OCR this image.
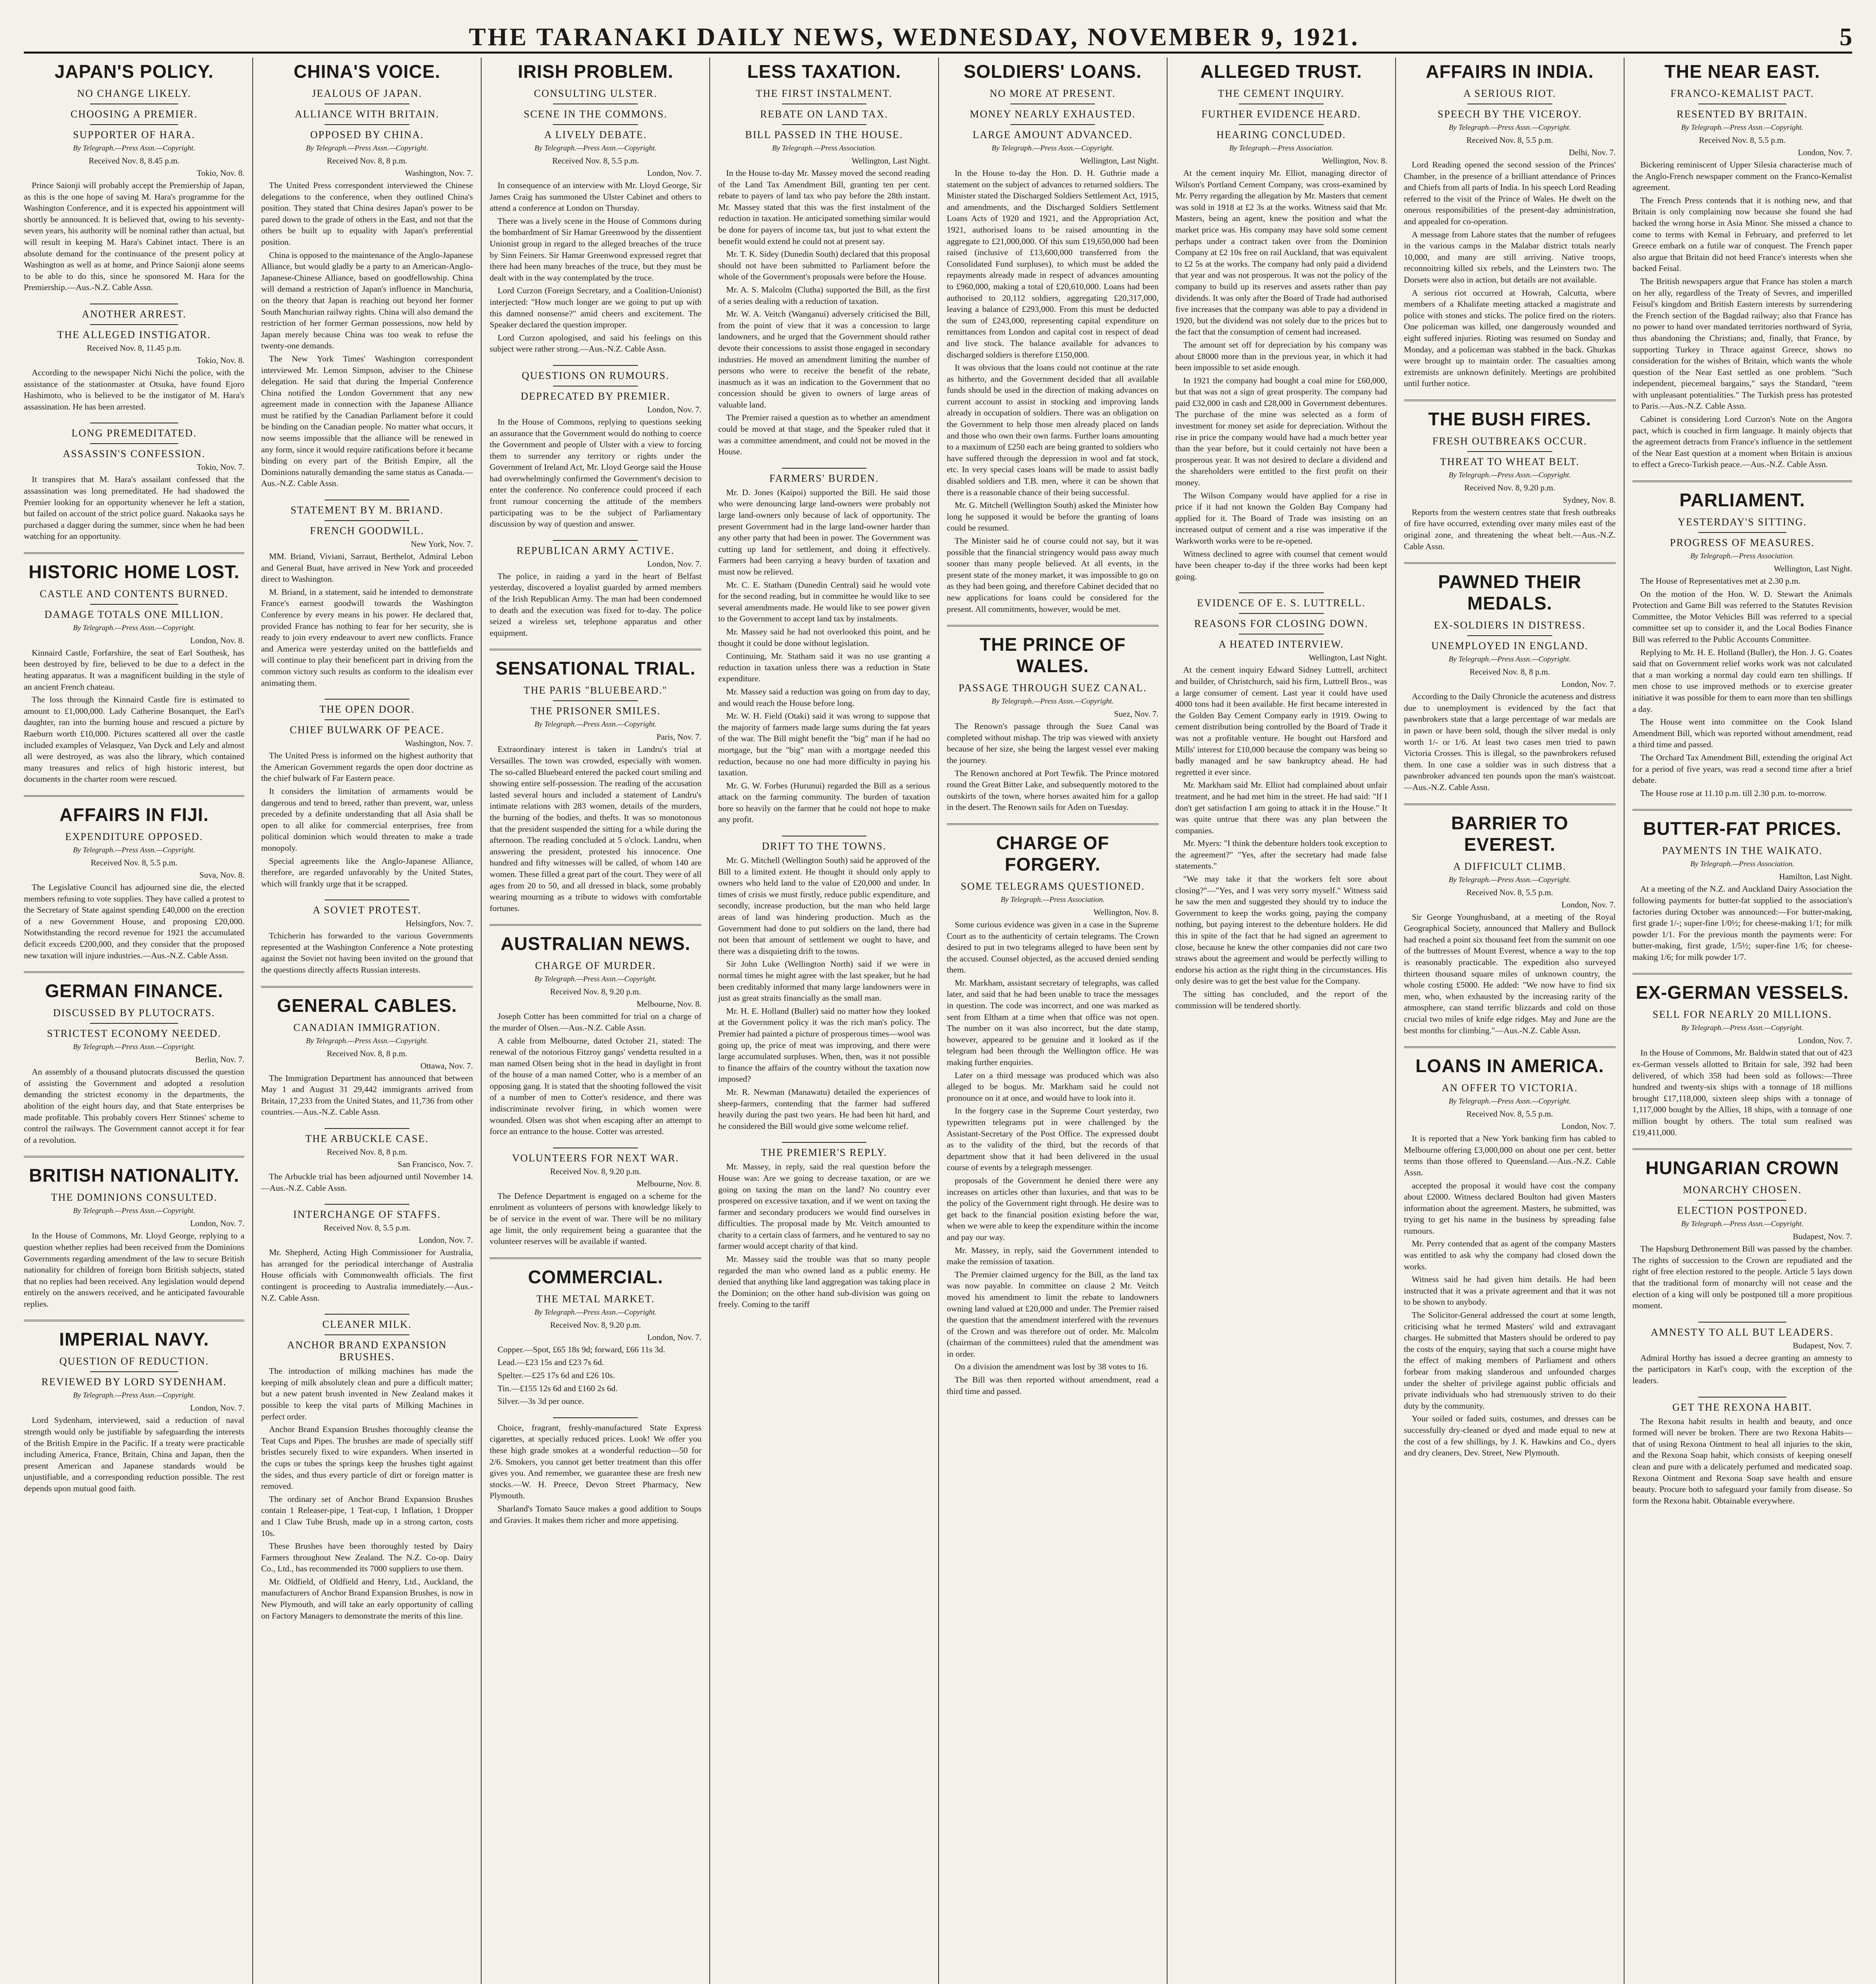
THE TARANAKI DAILY NEWS, WEDNESDAY, NOVEMBER 9, 1921.	5
JAPAN'S POLICY.
NO CHANGE LIKELY.
CHOOSING A PREMIER.
SUPPORTER OF HARA.
By Telegraph.—Press Assn.—Copyright.
Received Nov. 8, 8.45 p.m.
Tokio, Nov. 8.

Prince Saionji will probably accept the Premiership of Japan, as this is the one hope of saving M. Hara's programme for the Washington Conference, and it is expected his appointment will shortly be announced. It is believed that, owing to his seventy-seven years, his authority will be nominal rather than actual, but will result in keeping M. Hara's Cabinet intact. There is an absolute demand for the continuance of the present policy at Washington as well as at home, and Prince Saionji alone seems to be able to do this, since he sponsored M. Hara for the Premiership.—Aus.-N.Z. Cable Assn.

ANOTHER ARREST.
THE ALLEGED INSTIGATOR.
Received Nov. 8, 11.45 p.m.
Tokio, Nov. 8.

According to the newspaper Nichi Nichi the police, with the assistance of the stationmaster at Otsuka, have found Ejoro Hashimoto, who is believed to be the instigator of M. Hara's assassination. He has been arrested.

LONG PREMEDITATED.
ASSASSIN'S CONFESSION.
Tokio, Nov. 7.

It transpires that M. Hara's assailant confessed that the assassination was long premeditated. He had shadowed the Premier looking for an opportunity whenever he left a station, but failed on account of the strict police guard. Nakaoka says he purchased a dagger during the summer, since when he had been watching for an opportunity.

HISTORIC HOME LOST.
CASTLE AND CONTENTS BURNED.
DAMAGE TOTALS ONE MILLION.
By Telegraph.—Press Assn.—Copyright.
London, Nov. 8.

Kinnaird Castle, Forfarshire, the seat of Earl Southesk, has been destroyed by fire, believed to be due to a defect in the heating apparatus. It was a magnificent building in the style of an ancient French chateau.

The loss through the Kinnaird Castle fire is estimated to amount to £1,000,000. Lady Catherine Bosanquet, the Earl's daughter, ran into the burning house and rescued a picture by Raeburn worth £10,000. Pictures scattered all over the castle included examples of Velasquez, Van Dyck and Lely and almost all were destroyed, as was also the library, which contained many treasures and relics of high historic interest, but documents in the charter room were rescued.

AFFAIRS IN FIJI.
EXPENDITURE OPPOSED.
By Telegraph.—Press Assn.—Copyright.
Received Nov. 8, 5.5 p.m.
Suva, Nov. 8.

The Legislative Council has adjourned sine die, the elected members refusing to vote supplies. They have called a protest to the Secretary of State against spending £40,000 on the erection of a new Government House, and proposing £20,000. Notwithstanding the record revenue for 1921 the accumulated deficit exceeds £200,000, and they consider that the proposed new taxation will injure industries.—Aus.-N.Z. Cable Assn.

GERMAN FINANCE.
DISCUSSED BY PLUTOCRATS.
STRICTEST ECONOMY NEEDED.
By Telegraph.—Press Assn.—Copyright.
Berlin, Nov. 7.

An assembly of a thousand plutocrats discussed the question of assisting the Government and adopted a resolution demanding the strictest economy in the departments, the abolition of the eight hours day, and that State enterprises be made profitable. This probably covers Herr Stinnes' scheme to control the railways. The Government cannot accept it for fear of a revolution.

BRITISH NATIONALITY.
THE DOMINIONS CONSULTED.
By Telegraph.—Press Assn.—Copyright.
London, Nov. 7.

In the House of Commons, Mr. Lloyd George, replying to a question whether replies had been received from the Dominions Governments regarding amendment of the law to secure British nationality for children of foreign born British subjects, stated that no replies had been received. Any legislation would depend entirely on the answers received, and he anticipated favourable replies.

IMPERIAL NAVY.
QUESTION OF REDUCTION.
REVIEWED BY LORD SYDENHAM.
By Telegraph.—Press Assn.—Copyright.
London, Nov. 7.

Lord Sydenham, interviewed, said a reduction of naval strength would only be justifiable by safeguarding the interests of the British Empire in the Pacific. If a treaty were practicable including America, France, Britain, China and Japan, then the present American and Japanese standards would be unjustifiable, and a corresponding reduction possible. The rest depends upon mutual good faith.

CHINA'S VOICE.
JEALOUS OF JAPAN.
ALLIANCE WITH BRITAIN.
OPPOSED BY CHINA.
By Telegraph.—Press Assn.—Copyright.
Received Nov. 8, 8 p.m.
Washington, Nov. 7.

The United Press correspondent interviewed the Chinese delegations to the conference, when they outlined China's position. They stated that China desires Japan's power to be pared down to the grade of others in the East, and not that the others be built up to equality with Japan's preferential position.

China is opposed to the maintenance of the Anglo-Japanese Alliance, but would gladly be a party to an American-Anglo-Japanese-Chinese Alliance, based on goodfellowship. China will demand a restriction of Japan's influence in Manchuria, on the theory that Japan is reaching out beyond her former South Manchurian railway rights. China will also demand the restriction of her former German possessions, now held by Japan merely because China was too weak to refuse the twenty-one demands.

The New York Times' Washington correspondent interviewed Mr. Lemon Simpson, adviser to the Chinese delegation. He said that during the Imperial Conference China notified the London Government that any new agreement made in connection with the Japanese Alliance must be ratified by the Canadian Parliament before it could be binding on the Canadian people. No matter what occurs, it now seems impossible that the alliance will be renewed in any form, since it would require ratifications before it became binding on every part of the British Empire, all the Dominions naturally demanding the same status as Canada.—Aus.-N.Z. Cable Assn.

STATEMENT BY M. BRIAND.
FRENCH GOODWILL.
New York, Nov. 7.

MM. Briand, Viviani, Sarraut, Berthelot, Admiral Lebon and General Buat, have arrived in New York and proceeded direct to Washington.

M. Briand, in a statement, said he intended to demonstrate France's earnest goodwill towards the Washington Conference by every means in his power. He declared that, provided France has nothing to fear for her security, she is ready to join every endeavour to avert new conflicts. France and America were yesterday united on the battlefields and will continue to play their beneficent part in driving from the common victory such results as conform to the idealism ever animating them.

THE OPEN DOOR.
CHIEF BULWARK OF PEACE.
Washington, Nov. 7.

The United Press is informed on the highest authority that the American Government regards the open door doctrine as the chief bulwark of Far Eastern peace.

It considers the limitation of armaments would be dangerous and tend to breed, rather than prevent, war, unless preceded by a definite understanding that all Asia shall be open to all alike for commercial enterprises, free from political dominion which would threaten to make a trade monopoly.

Special agreements like the Anglo-Japanese Alliance, therefore, are regarded unfavorably by the United States, which will frankly urge that it be scrapped.

A SOVIET PROTEST.
Helsingfors, Nov. 7.

Tchicherin has forwarded to the various Governments represented at the Washington Conference a Note protesting against the Soviet not having been invited on the ground that the questions directly affects Russian interests.

GENERAL CABLES.
CANADIAN IMMIGRATION.
By Telegraph.—Press Assn.—Copyright.
Received Nov. 8, 8 p.m.
Ottawa, Nov. 7.

The Immigration Department has announced that between May 1 and August 31 29,442 immigrants arrived from Britain, 17,233 from the United States, and 11,736 from other countries.—Aus.-N.Z. Cable Assn.

THE ARBUCKLE CASE.
Received Nov. 8, 8 p.m.
San Francisco, Nov. 7.

The Arbuckle trial has been adjourned until November 14.—Aus.-N.Z. Cable Assn.

INTERCHANGE OF STAFFS.
Received Nov. 8, 5.5 p.m.
London, Nov. 7.

Mr. Shepherd, Acting High Commissioner for Australia, has arranged for the periodical interchange of Australia House officials with Commonwealth officials. The first contingent is proceeding to Australia immediately.—Aus.-N.Z. Cable Assn.

CLEANER MILK.
ANCHOR BRAND EXPANSION BRUSHES.

The introduction of milking machines has made the keeping of milk absolutely clean and pure a difficult matter; but a new patent brush invented in New Zealand makes it possible to keep the vital parts of Milking Machines in perfect order.

Anchor Brand Expansion Brushes thoroughly cleanse the Teat Cups and Pipes. The brushes are made of specially stiff bristles securely fixed to wire expanders. When inserted in the cups or tubes the springs keep the brushes tight against the sides, and thus every particle of dirt or foreign matter is removed.

The ordinary set of Anchor Brand Expansion Brushes contain 1 Releaser-pipe, 1 Teat-cup, 1 Inflation, 1 Dropper and 1 Claw Tube Brush, made up in a strong carton, costs 10s.

These Brushes have been thoroughly tested by Dairy Farmers throughout New Zealand. The N.Z. Co-op. Dairy Co., Ltd., has recommended its 7000 suppliers to use them.

Mr. Oldfield, of Oldfield and Henry, Ltd., Auckland, the manufacturers of Anchor Brand Expansion Brushes, is now in New Plymouth, and will take an early opportunity of calling on Factory Managers to demonstrate the merits of this line.

IRISH PROBLEM.
CONSULTING ULSTER.
SCENE IN THE COMMONS.
A LIVELY DEBATE.
By Telegraph.—Press Assn.—Copyright.
Received Nov. 8, 5.5 p.m.
London, Nov. 7.

In consequence of an interview with Mr. Lloyd George, Sir James Craig has summoned the Ulster Cabinet and others to attend a conference at London on Thursday.

There was a lively scene in the House of Commons during the bombardment of Sir Hamar Greenwood by the dissentient Unionist group in regard to the alleged breaches of the truce by Sinn Feiners. Sir Hamar Greenwood expressed regret that there had been many breaches of the truce, but they must be dealt with in the way contemplated by the truce.

Lord Curzon (Foreign Secretary, and a Coalition-Unionist) interjected: "How much longer are we going to put up with this damned nonsense?" amid cheers and excitement. The Speaker declared the question improper.

Lord Curzon apologised, and said his feelings on this subject were rather strong.—Aus.-N.Z. Cable Assn.

QUESTIONS ON RUMOURS.
DEPRECATED BY PREMIER.
London, Nov. 7.

In the House of Commons, replying to questions seeking an assurance that the Government would do nothing to coerce the Government and people of Ulster with a view to forcing them to surrender any territory or rights under the Government of Ireland Act, Mr. Lloyd George said the House had overwhelmingly confirmed the Government's decision to enter the conference. No conference could proceed if each front rumour concerning the attitude of the members participating was to be the subject of Parliamentary discussion by way of question and answer.

REPUBLICAN ARMY ACTIVE.
London, Nov. 7.

The police, in raiding a yard in the heart of Belfast yesterday, discovered a loyalist guarded by armed members of the Irish Republican Army. The man had been condemned to death and the execution was fixed for to-day. The police seized a wireless set, telephone apparatus and other equipment.

SENSATIONAL TRIAL.
THE PARIS "BLUEBEARD."
THE PRISONER SMILES.
By Telegraph.—Press Assn.—Copyright.
Paris, Nov. 7.

Extraordinary interest is taken in Landru's trial at Versailles. The town was crowded, especially with women. The so-called Bluebeard entered the packed court smiling and showing entire self-possession. The reading of the accusation lasted several hours and included a statement of Landru's intimate relations with 283 women, details of the murders, the burning of the bodies, and thefts. It was so monotonous that the president suspended the sitting for a while during the afternoon. The reading concluded at 5 o'clock. Landru, when answering the president, protested his innocence. One hundred and fifty witnesses will be called, of whom 140 are women. These filled a great part of the court. They were of all ages from 20 to 50, and all dressed in black, some probably wearing mourning as a tribute to widows with comfortable fortunes.

AUSTRALIAN NEWS.
CHARGE OF MURDER.
By Telegraph.—Press Assn.—Copyright.
Received Nov. 8, 9.20 p.m.
Melbourne, Nov. 8.

Joseph Cotter has been committed for trial on a charge of the murder of Olsen.—Aus.-N.Z. Cable Assn.

A cable from Melbourne, dated October 21, stated: The renewal of the notorious Fitzroy gangs' vendetta resulted in a man named Olsen being shot in the head in daylight in front of the house of a man named Cotter, who is a member of an opposing gang. It is stated that the shooting followed the visit of a number of men to Cotter's residence, and there was indiscriminate revolver firing, in which women were wounded. Olsen was shot when escaping after an attempt to force an entrance to the house. Cotter was arrested.

VOLUNTEERS FOR NEXT WAR.
Received Nov. 8, 9.20 p.m.
Melbourne, Nov. 8.

The Defence Department is engaged on a scheme for the enrolment as volunteers of persons with knowledge likely to be of service in the event of war. There will be no military age limit, the only requirement being a guarantee that the volunteer reserves will be available if wanted.

COMMERCIAL.
THE METAL MARKET.
By Telegraph.—Press Assn.—Copyright.
Received Nov. 8, 9.20 p.m.
London, Nov. 7.

Copper.—Spot, £65 18s 9d; forward, £66 11s 3d.

Lead.—£23 15s and £23 7s 6d.

Spelter.—£25 17s 6d and £26 10s.

Tin.—£155 12s 6d and £160 2s 6d.

Silver.—3s 3d per ounce.

Choice, fragrant, freshly-manufactured State Express cigarettes, at specially reduced prices. Look! We offer you these high grade smokes at a wonderful reduction—50 for 2/6. Smokers, you cannot get better treatment than this offer gives you. And remember, we guarantee these are fresh new stocks.—W. H. Preece, Devon Street Pharmacy, New Plymouth.

Sharland's Tomato Sauce makes a good addition to Soups and Gravies. It makes them richer and more appetising.

LESS TAXATION.
THE FIRST INSTALMENT.
REBATE ON LAND TAX.
BILL PASSED IN THE HOUSE.
By Telegraph.—Press Association.
Wellington, Last Night.

In the House to-day Mr. Massey moved the second reading of the Land Tax Amendment Bill, granting ten per cent. rebate to payers of land tax who pay before the 28th instant. Mr. Massey stated that this was the first instalment of the reduction in taxation. He anticipated something similar would be done for payers of income tax, but just to what extent the benefit would extend he could not at present say.

Mr. T. K. Sidey (Dunedin South) declared that this proposal should not have been submitted to Parliament before the whole of the Government's proposals were before the House.

Mr. A. S. Malcolm (Clutha) supported the Bill, as the first of a series dealing with a reduction of taxation.

Mr. W. A. Veitch (Wanganui) adversely criticised the Bill, from the point of view that it was a concession to large landowners, and he urged that the Government should rather devote their concessions to assist those engaged in secondary industries. He moved an amendment limiting the number of persons who were to receive the benefit of the rebate, inasmuch as it was an indication to the Government that no concession should be given to owners of large areas of valuable land.

The Premier raised a question as to whether an amendment could be moved at that stage, and the Speaker ruled that it was a committee amendment, and could not be moved in the House.

FARMERS' BURDEN.

Mr. D. Jones (Kaipoi) supported the Bill. He said those who were denouncing large land-owners were probably not large land-owners only because of lack of opportunity. The present Government had in the large land-owner harder than any other party that had been in power. The Government was cutting up land for settlement, and doing it effectively. Farmers had been carrying a heavy burden of taxation and must now be relieved.

Mr. C. E. Statham (Dunedin Central) said he would vote for the second reading, but in committee he would like to see several amendments made. He would like to see power given to the Government to accept land tax by instalments.

Mr. Massey said he had not overlooked this point, and he thought it could be done without legislation.

Continuing, Mr. Statham said it was no use granting a reduction in taxation unless there was a reduction in State expenditure.

Mr. Massey said a reduction was going on from day to day, and would reach the House before long.

Mr. W. H. Field (Otaki) said it was wrong to suppose that the majority of farmers made large sums during the fat years of the war. The Bill might benefit the "big" man if he had no mortgage, but the "big" man with a mortgage needed this reduction, because no one had more difficulty in paying his taxation.

Mr. G. W. Forbes (Hurunui) regarded the Bill as a serious attack on the farming community. The burden of taxation bore so heavily on the farmer that he could not hope to make any profit.

DRIFT TO THE TOWNS.

Mr. G. Mitchell (Wellington South) said he approved of the Bill to a limited extent. He thought it should only apply to owners who held land to the value of £20,000 and under. In times of crisis we must firstly, reduce public expenditure, and secondly, increase production, but the man who held large areas of land was hindering production. Much as the Government had done to put soldiers on the land, there had not been that amount of settlement we ought to have, and there was a disquieting drift to the towns.

Sir John Luke (Wellington North) said if we were in normal times he might agree with the last speaker, but he had been creditably informed that many large landowners were in just as great straits financially as the small man.

Mr. H. E. Holland (Buller) said no matter how they looked at the Government policy it was the rich man's policy. The Premier had painted a picture of prosperous times—wool was going up, the price of meat was improving, and there were large accumulated surpluses. When, then, was it not possible to finance the affairs of the country without the taxation now imposed?

Mr. R. Newman (Manawatu) detailed the experiences of sheep-farmers, contending that the farmer had suffered heavily during the past two years. He had been hit hard, and he considered the Bill would give some welcome relief.

THE PREMIER'S REPLY.

Mr. Massey, in reply, said the real question before the House was: Are we going to decrease taxation, or are we going on taxing the man on the land? No country ever prospered on excessive taxation, and if we went on taxing the farmer and secondary producers we would find ourselves in difficulties. The proposal made by Mr. Veitch amounted to charity to a certain class of farmers, and he ventured to say no farmer would accept charity of that kind.

Mr. Massey said the trouble was that so many people regarded the man who owned land as a public enemy. He denied that anything like land aggregation was taking place in the Dominion; on the other hand sub-division was going on freely. Coming to the tariff

SOLDIERS' LOANS.
NO MORE AT PRESENT.
MONEY NEARLY EXHAUSTED.
LARGE AMOUNT ADVANCED.
By Telegraph.—Press Assn.—Copyright.
Wellington, Last Night.

In the House to-day the Hon. D. H. Guthrie made a statement on the subject of advances to returned soldiers. The Minister stated the Discharged Soldiers Settlement Act, 1915, and amendments, and the Discharged Soldiers Settlement Loans Acts of 1920 and 1921, and the Appropriation Act, 1921, authorised loans to be raised amounting in the aggregate to £21,000,000. Of this sum £19,650,000 had been raised (inclusive of £13,600,000 transferred from the Consolidated Fund surpluses), to which must be added the repayments already made in respect of advances amounting to £960,000, making a total of £20,610,000. Loans had been authorised to 20,112 soldiers, aggregating £20,317,000, leaving a balance of £293,000. From this must be deducted the sum of £243,000, representing capital expenditure on remittances from London and capital cost in respect of dead and live stock. The balance available for advances to discharged soldiers is therefore £150,000.

It was obvious that the loans could not continue at the rate as hitherto, and the Government decided that all available funds should be used in the direction of making advances on current account to assist in stocking and improving lands already in occupation of soldiers. There was an obligation on the Government to help those men already placed on lands and those who own their own farms. Further loans amounting to a maximum of £250 each are being granted to soldiers who have suffered through the depression in wool and fat stock, etc. In very special cases loans will be made to assist badly disabled soldiers and T.B. men, where it can be shown that there is a reasonable chance of their being successful.

Mr. G. Mitchell (Wellington South) asked the Minister how long he supposed it would be before the granting of loans could be resumed.

The Minister said he of course could not say, but it was possible that the financial stringency would pass away much sooner than many people believed. At all events, in the present state of the money market, it was impossible to go on as they had been going, and therefore Cabinet decided that no new applications for loans could be considered for the present. All commitments, however, would be met.

THE PRINCE OF WALES.
PASSAGE THROUGH SUEZ CANAL.
By Telegraph.—Press Assn.—Copyright.
Suez, Nov. 7.

The Renown's passage through the Suez Canal was completed without mishap. The trip was viewed with anxiety because of her size, she being the largest vessel ever making the journey.

The Renown anchored at Port Tewfik. The Prince motored round the Great Bitter Lake, and subsequently motored to the outskirts of the town, where horses awaited him for a gallop in the desert. The Renown sails for Aden on Tuesday.

CHARGE OF FORGERY.
SOME TELEGRAMS QUESTIONED.
By Telegraph.—Press Association.
Wellington, Nov. 8.

Some curious evidence was given in a case in the Supreme Court as to the authenticity of certain telegrams. The Crown desired to put in two telegrams alleged to have been sent by the accused. Counsel objected, as the accused denied sending them.

Mr. Markham, assistant secretary of telegraphs, was called later, and said that he had been unable to trace the messages in question. The code was incorrect, and one was marked as sent from Eltham at a time when that office was not open. The number on it was also incorrect, but the date stamp, however, appeared to be genuine and it looked as if the telegram had been through the Wellington office. He was making further enquiries.

Later on a third message was produced which was also alleged to be bogus. Mr. Markham said he could not pronounce on it at once, and would have to look into it.

In the forgery case in the Supreme Court yesterday, two typewritten telegrams put in were challenged by the Assistant-Secretary of the Post Office. The expressed doubt as to the validity of the third, but the records of that department show that it had been delivered in the usual course of events by a telegraph messenger.

proposals of the Government he denied there were any increases on articles other than luxuries, and that was to be the policy of the Government right through. He desire was to get back to the financial position existing before the war, when we were able to keep the expenditure within the income and pay our way.

Mr. Massey, in reply, said the Government intended to make the remission of taxation.

The Premier claimed urgency for the Bill, as the land tax was now payable. In committee on clause 2 Mr. Veitch moved his amendment to limit the rebate to landowners owning land valued at £20,000 and under. The Premier raised the question that the amendment interfered with the revenues of the Crown and was therefore out of order. Mr. Malcolm (chairman of the committees) ruled that the amendment was in order.

On a division the amendment was lost by 38 votes to 16.

The Bill was then reported without amendment, read a third time and passed.

ALLEGED TRUST.
THE CEMENT INQUIRY.
FURTHER EVIDENCE HEARD.
HEARING CONCLUDED.
By Telegraph.—Press Association.
Wellington, Nov. 8.

At the cement inquiry Mr. Elliot, managing director of Wilson's Portland Cement Company, was cross-examined by Mr. Perry regarding the allegation by Mr. Masters that cement was sold in 1918 at £2 3s at the works. Witness said that Mr. Masters, being an agent, knew the position and what the market price was. His company may have sold some cement perhaps under a contract taken over from the Dominion Company at £2 10s free on rail Auckland, that was equivalent to £2 5s at the works. The company had only paid a dividend that year and was not prosperous. It was not the policy of the company to build up its reserves and assets rather than pay dividends. It was only after the Board of Trade had authorised five increases that the company was able to pay a dividend in 1920, but the dividend was not solely due to the prices but to the fact that the consumption of cement had increased.

The amount set off for depreciation by his company was about £8000 more than in the previous year, in which it had been impossible to set aside enough.

In 1921 the company had bought a coal mine for £60,000, but that was not a sign of great prosperity. The company had paid £32,000 in cash and £28,000 in Government debentures. The purchase of the mine was selected as a form of investment for money set aside for depreciation. Without the rise in price the company would have had a much better year than the year before, but it could certainly not have been a prosperous year. It was not desired to declare a dividend and the shareholders were entitled to the first profit on their money.

The Wilson Company would have applied for a rise in price if it had not known the Golden Bay Company had applied for it. The Board of Trade was insisting on an increased output of cement and a rise was imperative if the Warkworth works were to be re-opened.

Witness declined to agree with counsel that cement would have been cheaper to-day if the three works had been kept going.

EVIDENCE OF E. S. LUTTRELL.
REASONS FOR CLOSING DOWN.
A HEATED INTERVIEW.
Wellington, Last Night.

At the cement inquiry Edward Sidney Luttrell, architect and builder, of Christchurch, said his firm, Luttrell Bros., was a large consumer of cement. Last year it could have used 4000 tons had it been available. He first became interested in the Golden Bay Cement Company early in 1919. Owing to cement distribution being controlled by the Board of Trade it was not a profitable venture. He bought out Harsford and Mills' interest for £10,000 because the company was being so badly managed and he saw bankruptcy ahead. He had regretted it ever since.

Mr. Markham said Mr. Elliot had complained about unfair treatment, and he had met him in the street. He had said: "If I don't get satisfaction I am going to attack it in the House." It was quite untrue that there was any plan between the companies.

Mr. Myers: "I think the debenture holders took exception to the agreement?" "Yes, after the secretary had made false statements."

"We may take it that the workers felt sore about closing?"—"Yes, and I was very sorry myself." Witness said he saw the men and suggested they should try to induce the Government to keep the works going, paying the company nothing, but paying interest to the debenture holders. He did this in spite of the fact that he had signed an agreement to close, because he knew the other companies did not care two straws about the agreement and would be perfectly willing to endorse his action as the right thing in the circumstances. His only desire was to get the best value for the Company.

The sitting has concluded, and the report of the commission will be tendered shortly.

AFFAIRS IN INDIA.
A SERIOUS RIOT.
SPEECH BY THE VICEROY.
By Telegraph.—Press Assn.—Copyright.
Received Nov. 8, 5.5 p.m.
Delhi, Nov. 7.

Lord Reading opened the second session of the Princes' Chamber, in the presence of a brilliant attendance of Princes and Chiefs from all parts of India. In his speech Lord Reading referred to the visit of the Prince of Wales. He dwelt on the onerous responsibilities of the present-day administration, and appealed for co-operation.

A message from Lahore states that the number of refugees in the various camps in the Malabar district totals nearly 10,000, and many are still arriving. Native troops, reconnoitring killed six rebels, and the Leinsters two. The Dorsets were also in action, but details are not available.

A serious riot occurred at Howrah, Calcutta, where members of a Khalifate meeting attacked a magistrate and police with stones and sticks. The police fired on the rioters. One policeman was killed, one dangerously wounded and eight suffered injuries. Rioting was resumed on Sunday and Monday, and a policeman was stabbed in the back. Ghurkas were brought up to maintain order. The casualties among extremists are unknown definitely. Meetings are prohibited until further notice.

THE BUSH FIRES.
FRESH OUTBREAKS OCCUR.
THREAT TO WHEAT BELT.
By Telegraph.—Press Assn.—Copyright.
Received Nov. 8, 9.20 p.m.
Sydney, Nov. 8.

Reports from the western centres state that fresh outbreaks of fire have occurred, extending over many miles east of the original zone, and threatening the wheat belt.—Aus.-N.Z. Cable Assn.

PAWNED THEIR MEDALS.
EX-SOLDIERS IN DISTRESS.
UNEMPLOYED IN ENGLAND.
By Telegraph.—Press Assn.—Copyright.
Received Nov. 8, 8 p.m.
London, Nov. 7.

According to the Daily Chronicle the acuteness and distress due to unemployment is evidenced by the fact that pawnbrokers state that a large percentage of war medals are in pawn or have been sold, though the silver medal is only worth 1/- or 1/6. At least two cases men tried to pawn Victoria Crosses. This is illegal, so the pawnbrokers refused them. In one case a soldier was in such distress that a pawnbroker advanced ten pounds upon the man's waistcoat.—Aus.-N.Z. Cable Assn.

BARRIER TO EVEREST.
A DIFFICULT CLIMB.
By Telegraph.—Press Assn.—Copyright.
Received Nov. 8, 5.5 p.m.
London, Nov. 7.

Sir George Younghusband, at a meeting of the Royal Geographical Society, announced that Mallery and Bullock had reached a point six thousand feet from the summit on one of the buttresses of Mount Everest, whence a way to the top is reasonably practicable. The expedition also surveyed thirteen thousand square miles of unknown country, the whole costing £5000. He added: "We now have to find six men, who, when exhausted by the increasing rarity of the atmosphere, can stand terrific blizzards and cold on those crucial two miles of knife edge ridges. May and June are the best months for climbing."—Aus.-N.Z. Cable Assn.

LOANS IN AMERICA.
AN OFFER TO VICTORIA.
By Telegraph.—Press Assn.—Copyright.
Received Nov. 8, 5.5 p.m.
London, Nov. 7.

It is reported that a New York banking firm has cabled to Melbourne offering £3,000,000 on about one per cent. better terms than those offered to Queensland.—Aus.-N.Z. Cable Assn.

accepted the proposal it would have cost the company about £2000. Witness declared Boulton had given Masters information about the agreement. Masters, he submitted, was trying to get his name in the business by spreading false rumours.

Mr. Perry contended that as agent of the company Masters was entitled to ask why the company had closed down the works.

Witness said he had given him details. He had been instructed that it was a private agreement and that it was not to be shown to anybody.

The Solicitor-General addressed the court at some length, criticising what he termed Masters' wild and extravagant charges. He submitted that Masters should be ordered to pay the costs of the enquiry, saying that such a course might have the effect of making members of Parliament and others forbear from making slanderous and unfounded charges under the shelter of privilege against public officials and private individuals who had strenuously striven to do their duty by the community.

Your soiled or faded suits, costumes, and dresses can be successfully dry-cleaned or dyed and made equal to new at the cost of a few shillings, by J. K. Hawkins and Co., dyers and dry cleaners, Dev. Street, New Plymouth.

THE NEAR EAST.
FRANCO-KEMALIST PACT.
RESENTED BY BRITAIN.
By Telegraph.—Press Assn.—Copyright.
Received Nov. 8, 5.5 p.m.
London, Nov. 7.

Bickering reminiscent of Upper Silesia characterise much of the Anglo-French newspaper comment on the Franco-Kemalist agreement.

The French Press contends that it is nothing new, and that Britain is only complaining now because she found she had backed the wrong horse in Asia Minor. She missed a chance to come to terms with Kemal in February, and preferred to let Greece embark on a futile war of conquest. The French paper also argue that Britain did not heed France's interests when she backed Feisal.

The British newspapers argue that France has stolen a march on her ally, regardless of the Treaty of Sevres, and imperilled Feisul's kingdom and British Eastern interests by surrendering the French section of the Bagdad railway; also that France has no power to hand over mandated territories northward of Syria, thus abandoning the Christians; and, finally, that France, by supporting Turkey in Thrace against Greece, shows no consideration for the wishes of Britain, which wants the whole question of the Near East settled as one problem. "Such independent, piecemeal bargains," says the Standard, "teem with unpleasant potentialities." The Turkish press has protested to Paris.—Aus.-N.Z. Cable Assn.

Cabinet is considering Lord Curzon's Note on the Angora pact, which is couched in firm language. It mainly objects that the agreement detracts from France's influence in the settlement of the Near East question at a moment when Britain is anxious to effect a Greco-Turkish peace.—Aus.-N.Z. Cable Assn.

PARLIAMENT.
YESTERDAY'S SITTING.
PROGRESS OF MEASURES.
By Telegraph.—Press Association.
Wellington, Last Night.

The House of Representatives met at 2.30 p.m.

On the motion of the Hon. W. D. Stewart the Animals Protection and Game Bill was referred to the Statutes Revision Committee, the Motor Vehicles Bill was referred to a special committee set up to consider it, and the Local Bodies Finance Bill was referred to the Public Accounts Committee.

Replying to Mr. H. E. Holland (Buller), the Hon. J. G. Coates said that on Government relief works work was not calculated that a man working a normal day could earn ten shillings. If men chose to use improved methods or to exercise greater initiative it was possible for them to earn more than ten shillings a day.

The House went into committee on the Cook Island Amendment Bill, which was reported without amendment, read a third time and passed.

The Orchard Tax Amendment Bill, extending the original Act for a period of five years, was read a second time after a brief debate.

The House rose at 11.10 p.m. till 2.30 p.m. to-morrow.

BUTTER-FAT PRICES.
PAYMENTS IN THE WAIKATO.
By Telegraph.—Press Association.
Hamilton, Last Night.

At a meeting of the N.Z. and Auckland Dairy Association the following payments for butter-fat supplied to the association's factories during October was announced:—For butter-making, first grade 1/-; super-fine 1/0½; for cheese-making 1/1; for milk powder 1/1. For the previous month the payments were: For butter-making, first grade, 1/5½; super-fine 1/6; for cheese-making 1/6; for milk powder 1/7.

EX-GERMAN VESSELS.
SELL FOR NEARLY 20 MILLIONS.
By Telegraph.—Press Assn.—Copyright.
London, Nov. 7.

In the House of Commons, Mr. Baldwin stated that out of 423 ex-German vessels allotted to Britain for sale, 392 had been delivered, of which 358 had been sold as follows:—Three hundred and twenty-six ships with a tonnage of 18 millions brought £17,118,000, sixteen sleep ships with a tonnage of 1,117,000 bought by the Allies, 18 ships, with a tonnage of one million bought by others. The total sum realised was £19,411,000.

HUNGARIAN CROWN
MONARCHY CHOSEN.
ELECTION POSTPONED.
By Telegraph.—Press Assn.—Copyright.
Budapest, Nov. 7.

The Hapsburg Dethronement Bill was passed by the chamber. The rights of succession to the Crown are repudiated and the right of free election restored to the people. Article 5 lays down that the traditional form of monarchy will not cease and the election of a king will only be postponed till a more propitious moment.

AMNESTY TO ALL BUT LEADERS.
Budapest, Nov. 7.

Admiral Horthy has issued a decree granting an amnesty to the participators in Karl's coup, with the exception of the leaders.

GET THE REXONA HABIT.

The Rexona habit results in health and beauty, and once formed will never be broken. There are two Rexona Habits—that of using Rexona Ointment to heal all injuries to the skin, and the Rexona Soap habit, which consists of keeping oneself clean and pure with a delicately perfumed and medicated soap. Rexona Ointment and Rexona Soap save health and ensure beauty. Procure both to safeguard your family from disease. So form the Rexona habit. Obtainable everywhere.
